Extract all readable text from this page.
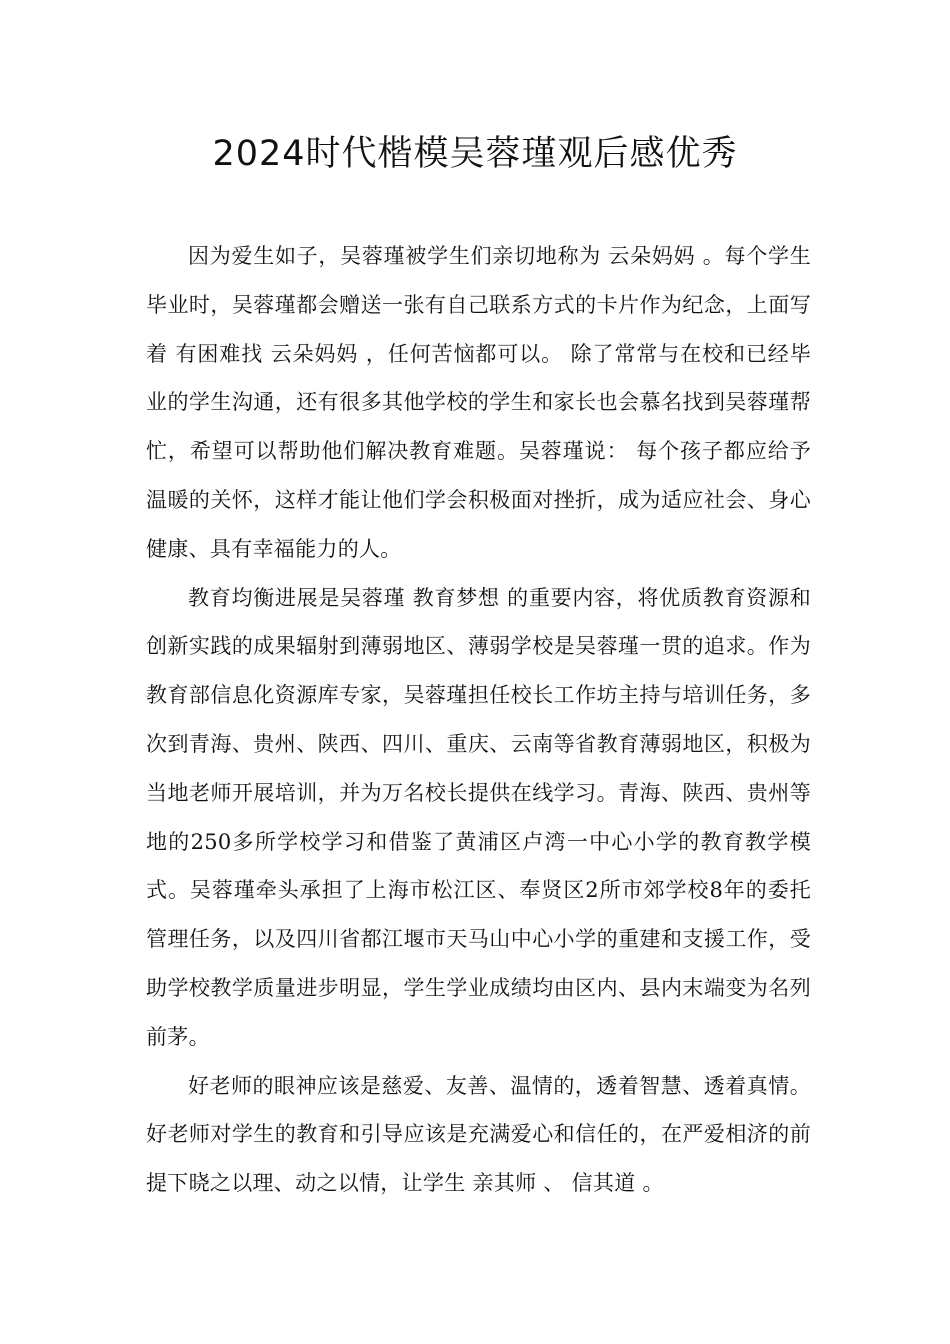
2024时代楷模吴蓉瑾观后感优秀

因为爱生如子，吴蓉瑾被学生们亲切地称为 云朵妈妈 。每个学生毕业时，吴蓉瑾都会赠送一张有自己联系方式的卡片作为纪念，上面写着 有困难找 云朵妈妈 ，任何苦恼都可以。 除了常常与在校和已经毕业的学生沟通，还有很多其他学校的学生和家长也会慕名找到吴蓉瑾帮忙，希望可以帮助他们解决教育难题。吴蓉瑾说： 每个孩子都应给予温暖的关怀，这样才能让他们学会积极面对挫折，成为适应社会、身心健康、具有幸福能力的人。

教育均衡进展是吴蓉瑾 教育梦想 的重要内容，将优质教育资源和创新实践的成果辐射到薄弱地区、薄弱学校是吴蓉瑾一贯的追求。作为教育部信息化资源库专家，吴蓉瑾担任校长工作坊主持与培训任务，多次到青海、贵州、陕西、四川、重庆、云南等省教育薄弱地区，积极为当地老师开展培训，并为万名校长提供在线学习。青海、陕西、贵州等地的250多所学校学习和借鉴了黄浦区卢湾一中心小学的教育教学模式。吴蓉瑾牵头承担了上海市松江区、奉贤区2所市郊学校8年的委托管理任务，以及四川省都江堰市天马山中心小学的重建和支援工作，受助学校教学质量进步明显，学生学业成绩均由区内、县内末端变为名列前茅。

好老师的眼神应该是慈爱、友善、温情的，透着智慧、透着真情。好老师对学生的教育和引导应该是充满爱心和信任的，在严爱相济的前提下晓之以理、动之以情，让学生 亲其师 、 信其道 。
